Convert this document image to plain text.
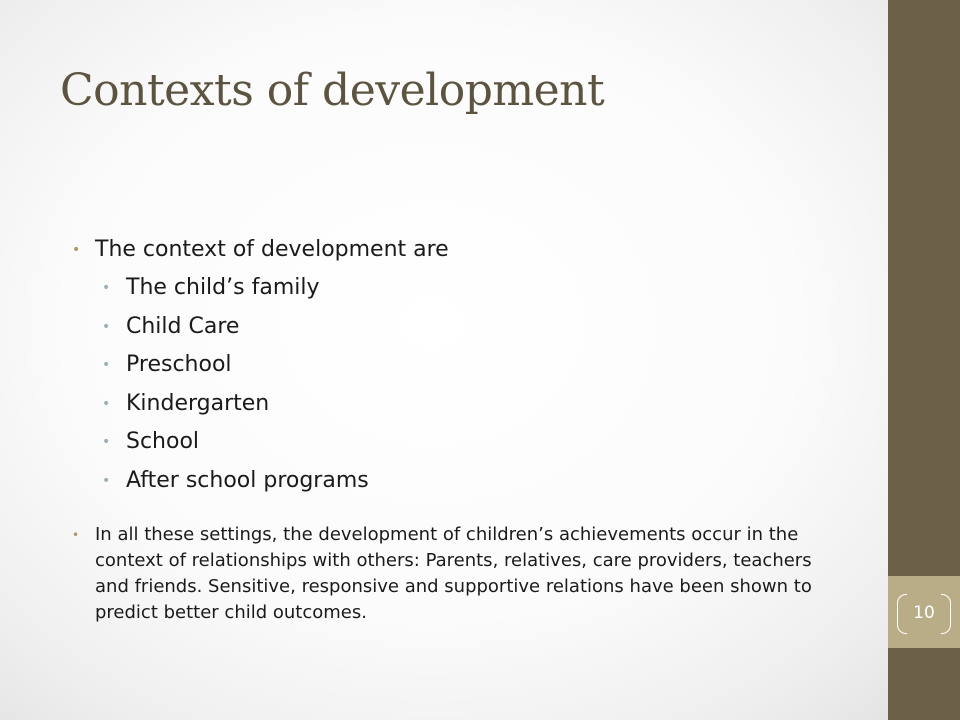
10
Contexts of development
• The context of development are
• The child’s family
• Child Care
• Preschool
• Kindergarten
• School
• After school programs
• In all these settings, the development of children’s achievements occur in the context of relationships with others: Parents, relatives, care providers, teachers and friends. Sensitive, responsive and supportive relations have been shown to predict better child outcomes.
